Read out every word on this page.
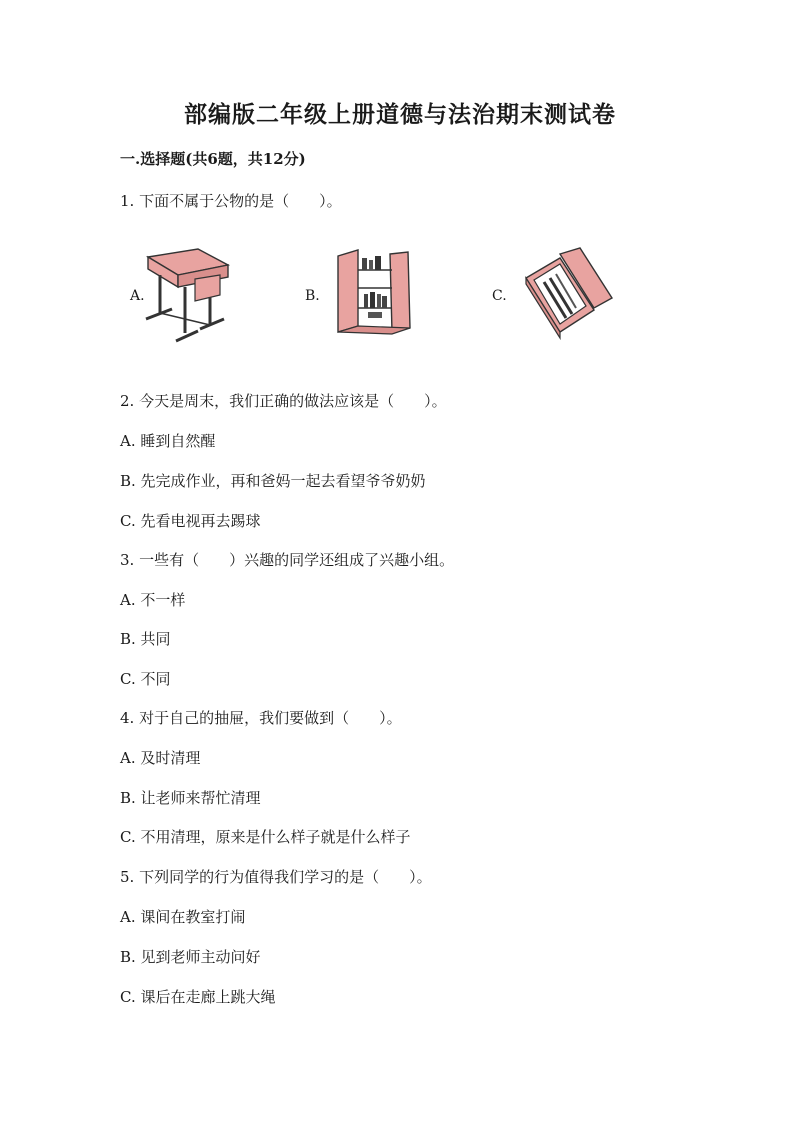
部编版二年级上册道德与法治期末测试卷
一.选择题(共6题，共12分)
1. 下面不属于公物的是（　　）。
A.	B.	C.
2. 今天是周末，我们正确的做法应该是（　　）。
A. 睡到自然醒
B. 先完成作业，再和爸妈一起去看望爷爷奶奶
C. 先看电视再去踢球
3. 一些有（　　）兴趣的同学还组成了兴趣小组。
A. 不一样
B. 共同
C. 不同
4. 对于自己的抽屉，我们要做到（　　）。
A. 及时清理
B. 让老师来帮忙清理
C. 不用清理，原来是什么样子就是什么样子
5. 下列同学的行为值得我们学习的是（　　）。
A. 课间在教室打闹
B. 见到老师主动问好
C. 课后在走廊上跳大绳
